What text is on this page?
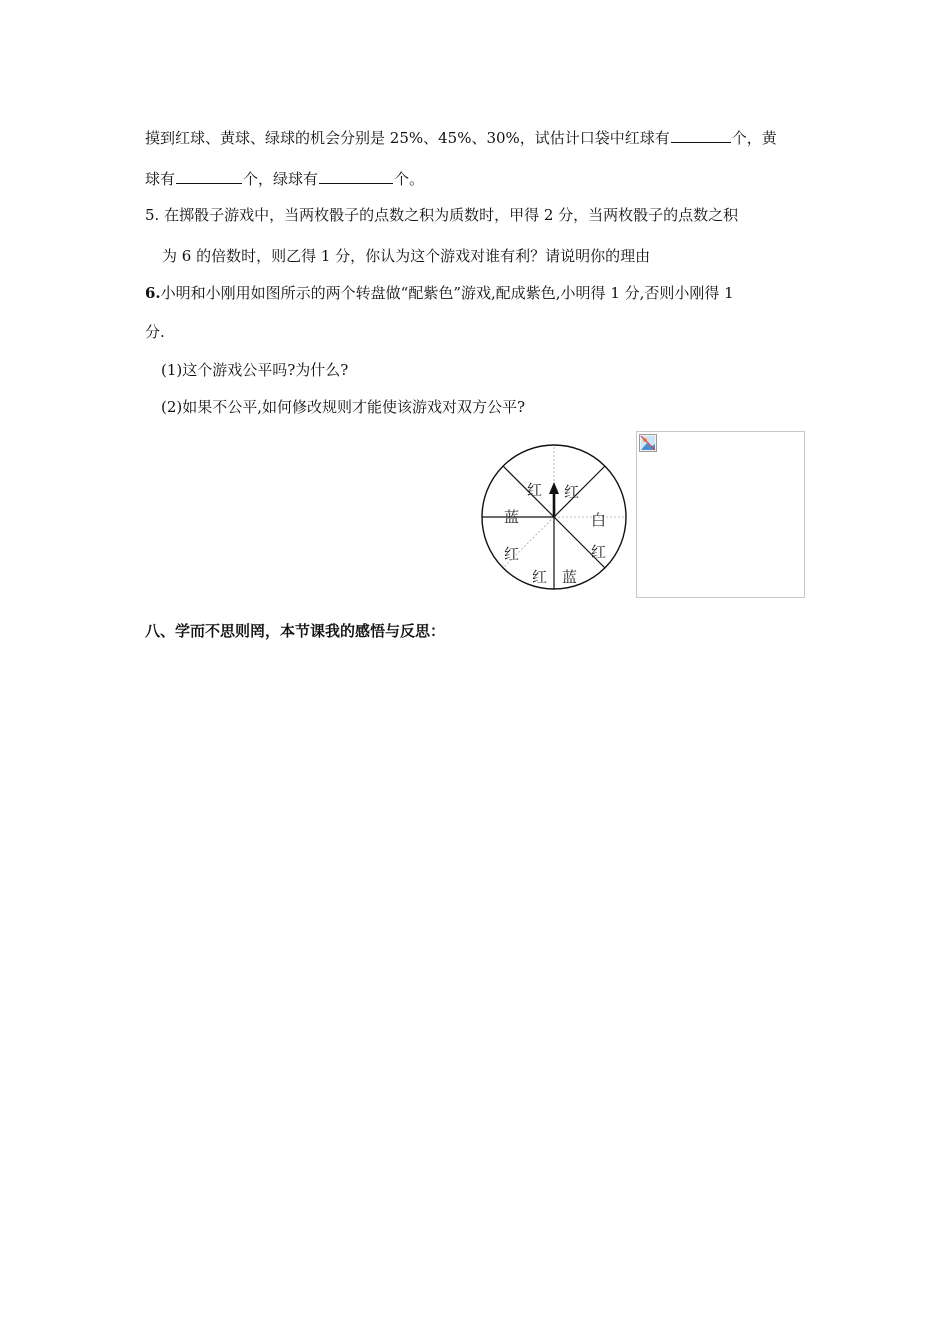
摸到红球、黄球、绿球的机会分别是 25%、45%、30%，试估计口袋中红球有	个，黄
球有	个，绿球有	个。
5. 在掷骰子游戏中，当两枚骰子的点数之积为质数时，甲得 2 分，当两枚骰子的点数之积
为 6 的倍数时，则乙得 1 分，你认为这个游戏对谁有利？请说明你的理由
6.小明和小刚用如图所示的两个转盘做“配紫色”游戏,配成紫色,小明得 1 分,否则小刚得 1
分.
(1)这个游戏公平吗?为什么?
(2)如果不公平,如何修改规则才能使该游戏对双方公平?
红 红
白
红
蓝
红
红
蓝
八、学而不思则罔，本节课我的感悟与反思：
